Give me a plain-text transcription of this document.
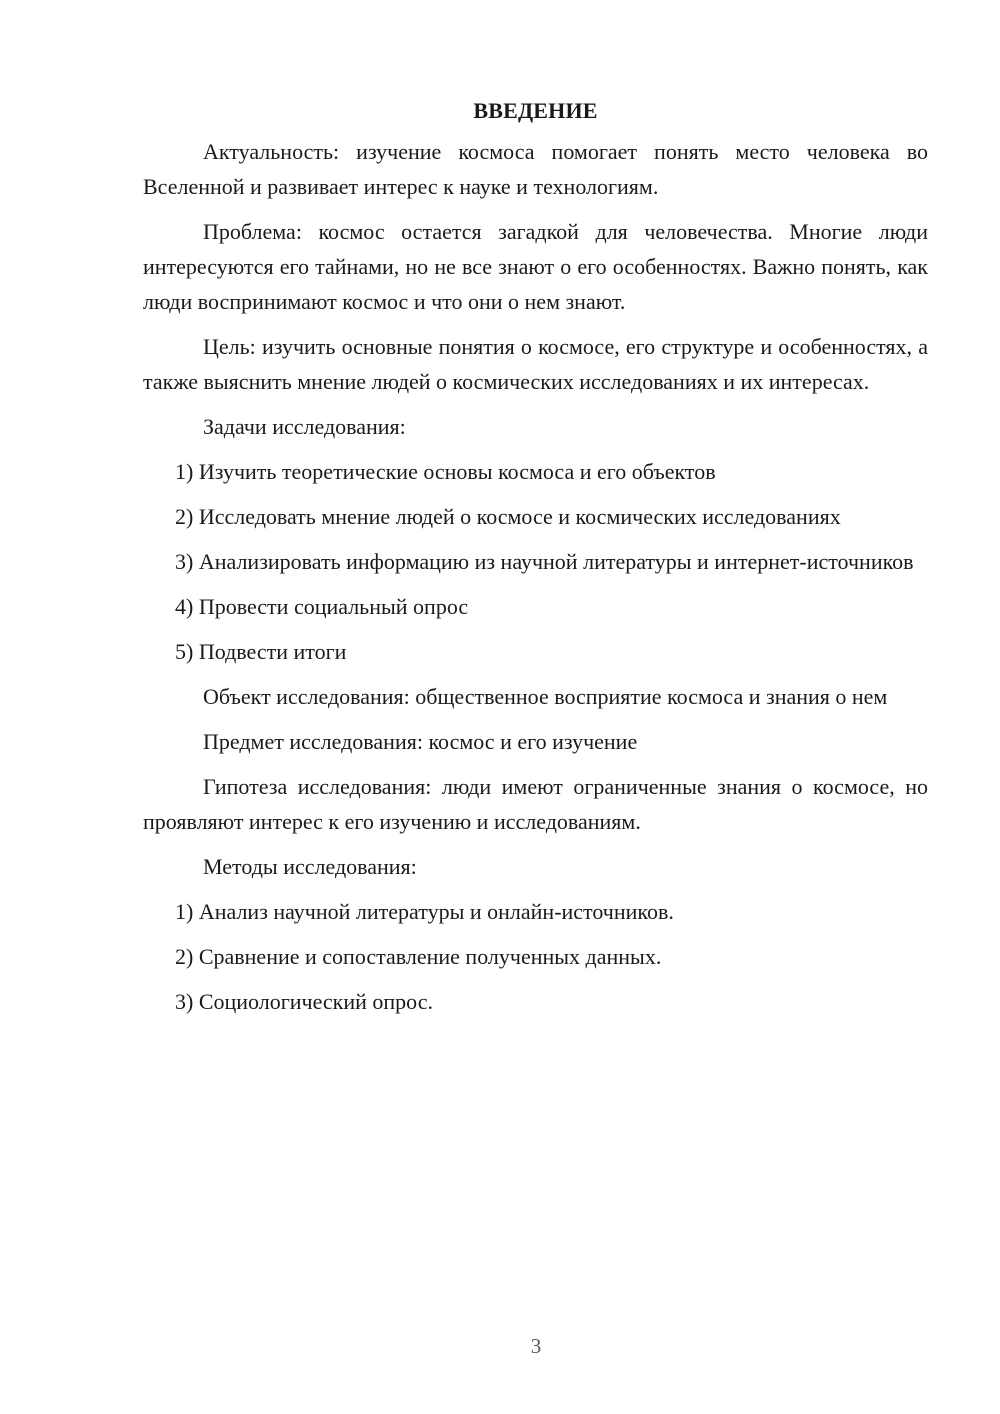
ВВЕДЕНИЕ

Актуальность: изучение космоса помогает понять место человека во Вселенной и развивает интерес к науке и технологиям.

Проблема: космос остается загадкой для человечества. Многие люди интересуются его тайнами, но не все знают о его особенностях. Важно понять, как люди воспринимают космос и что они о нем знают.

Цель: изучить основные понятия о космосе, его структуре и особенностях, а также выяснить мнение людей о космических исследованиях и их интересах.

Задачи исследования:

1) Изучить теоретические основы космоса и его объектов

2) Исследовать мнение людей о космосе и космических исследованиях

3) Анализировать информацию из научной литературы и интернет-источников

4) Провести социальный опрос

5) Подвести итоги

Объект исследования: общественное восприятие космоса и знания о нем

Предмет исследования: космос и его изучение

Гипотеза исследования: люди имеют ограниченные знания о космосе, но проявляют интерес к его изучению и исследованиям.

Методы исследования:

1) Анализ научной литературы и онлайн-источников.

2) Сравнение и сопоставление полученных данных.

3) Социологический опрос.

3
